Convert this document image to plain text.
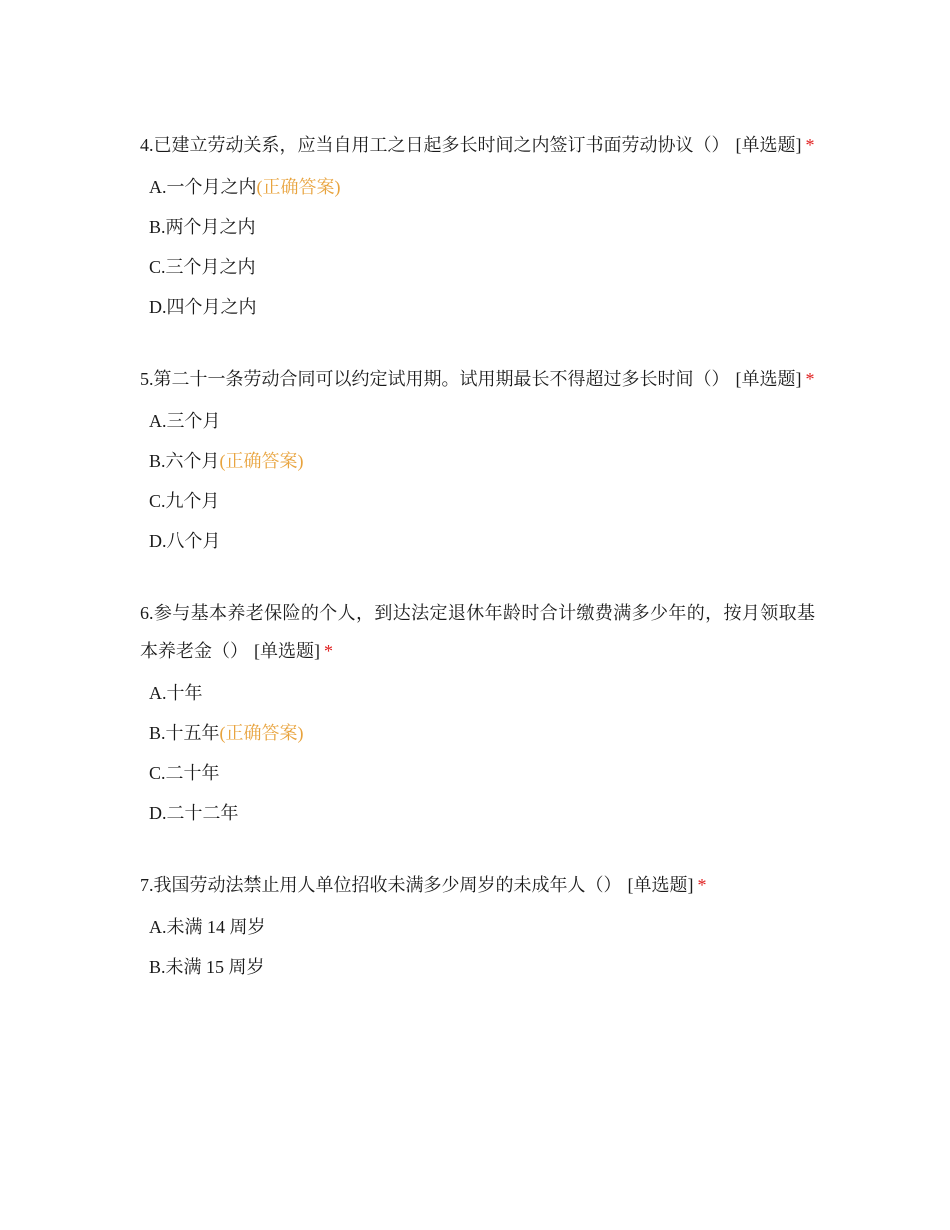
4.已建立劳动关系，应当自用工之日起多长时间之内签订书面劳动协议（） [单选题] *
A.一个月之内(正确答案)
B.两个月之内
C.三个月之内
D.四个月之内
5.第二十一条劳动合同可以约定试用期。试用期最长不得超过多长时间（） [单选题] *
A.三个月
B.六个月(正确答案)
C.九个月
D.八个月
6.参与基本养老保险的个人，到达法定退休年龄时合计缴费满多少年的，按月领取基本养老金（） [单选题] *
A.十年
B.十五年(正确答案)
C.二十年
D.二十二年
7.我国劳动法禁止用人单位招收未满多少周岁的未成年人（） [单选题] *
A.未满 14 周岁
B.未满 15 周岁
